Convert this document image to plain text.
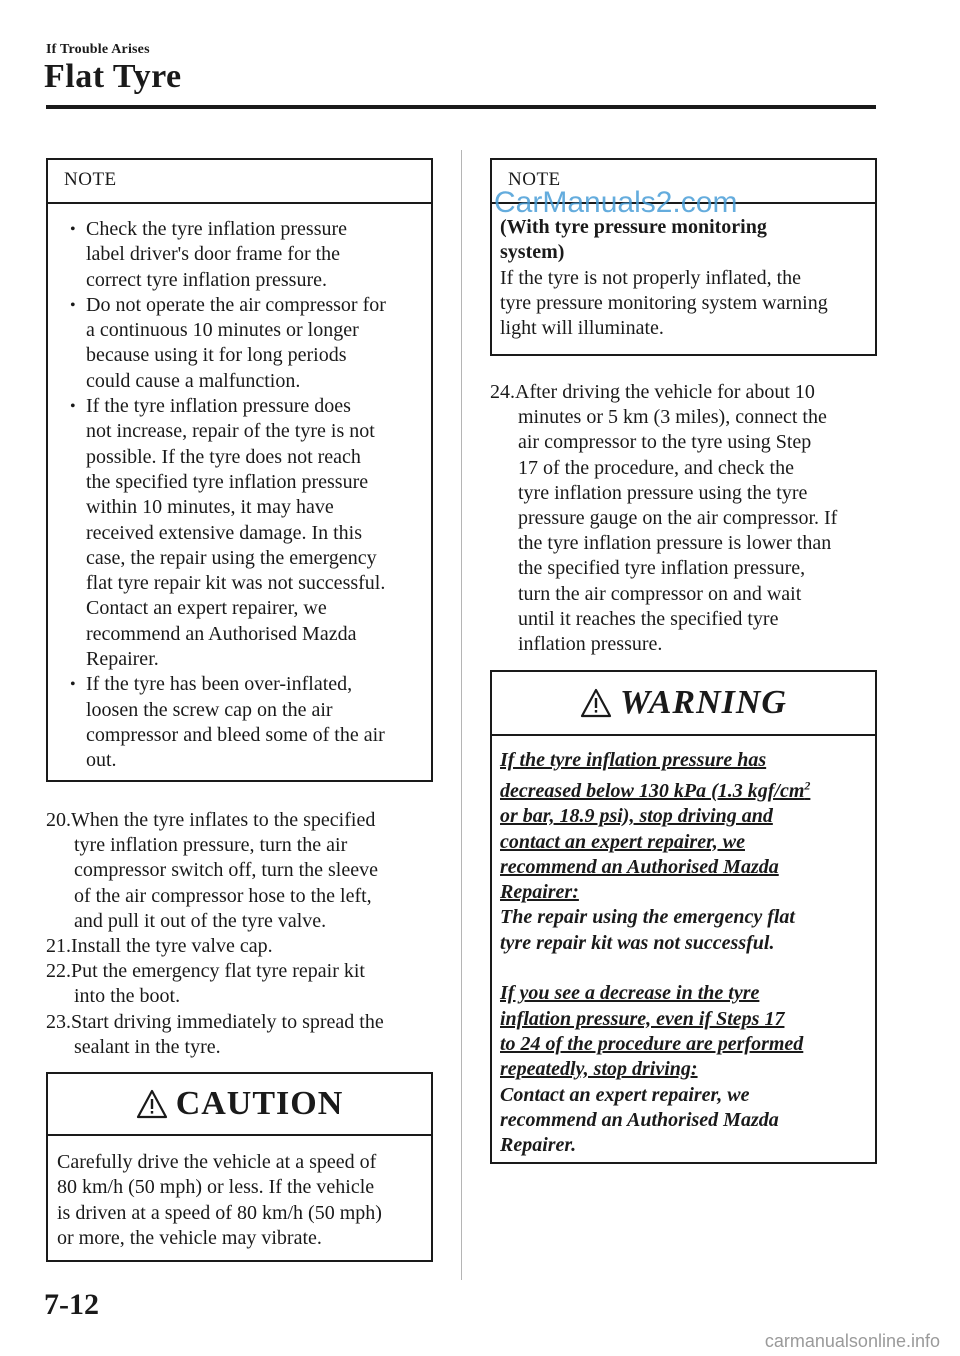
If Trouble Arises
Flat Tyre
NOTE
• Check the tyre inflation pressure
label driver's door frame for the
correct tyre inflation pressure.
• Do not operate the air compressor for
a continuous 10 minutes or longer
because using it for long periods
could cause a malfunction.
• If the tyre inflation pressure does
not increase, repair of the tyre is not
possible. If the tyre does not reach
the specified tyre inflation pressure
within 10 minutes, it may have
received extensive damage. In this
case, the repair using the emergency
flat tyre repair kit was not successful.
Contact an expert repairer, we
recommend an Authorised Mazda
Repairer.
• If the tyre has been over-inflated,
loosen the screw cap on the air
compressor and bleed some of the air
out.
20.When the tyre inflates to the specified
tyre inflation pressure, turn the air
compressor switch off, turn the sleeve
of the air compressor hose to the left,
and pull it out of the tyre valve.
21.Install the tyre valve cap.
22.Put the emergency flat tyre repair kit
into the boot.
23.Start driving immediately to spread the
sealant in the tyre.
CAUTION
Carefully drive the vehicle at a speed of
80 km/h (50 mph) or less. If the vehicle
is driven at a speed of 80 km/h (50 mph)
or more, the vehicle may vibrate.
NOTE
(With tyre pressure monitoring
system)
If the tyre is not properly inflated, the
tyre pressure monitoring system warning
light will illuminate.
24.After driving the vehicle for about 10
minutes or 5 km (3 miles), connect the
air compressor to the tyre using Step
17 of the procedure, and check the
tyre inflation pressure using the tyre
pressure gauge on the air compressor. If
the tyre inflation pressure is lower than
the specified tyre inflation pressure,
turn the air compressor on and wait
until it reaches the specified tyre
inflation pressure.
WARNING
If the tyre inflation pressure has
decreased below 130 kPa (1.3 kgf/$cm^2$
or bar, 18.9 psi), stop driving and
contact an expert repairer, we
recommend an Authorised Mazda
Repairer:
The repair using the emergency flat
tyre repair kit was not successful.

If you see a decrease in the tyre
inflation pressure, even if Steps 17
to 24 of the procedure are performed
repeatedly, stop driving:
Contact an expert repairer, we
recommend an Authorised Mazda
Repairer.
CarManuals2.com
7-12
carmanualsonline.info
